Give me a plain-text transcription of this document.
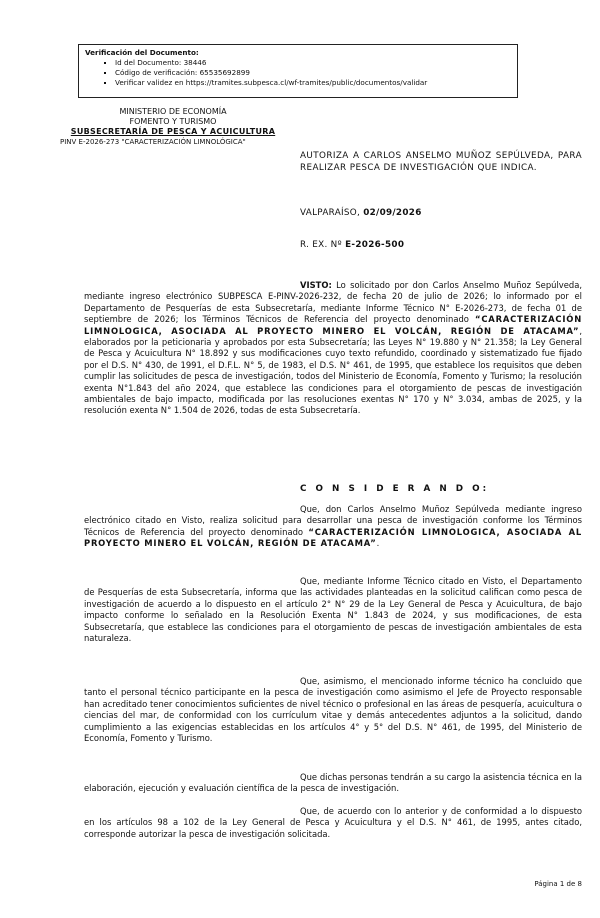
Verificación del Documento:
▪ Id del Documento: 38446
▪ Código de verificación: 65535692899
▪ Verificar validez en https://tramites.subpesca.cl/wf-tramites/public/documentos/validar
MINISTERIO DE ECONOMÍA
FOMENTO Y TURISMO
SUBSECRETARÍA DE PESCA Y ACUICULTURA
PINV E-2026-273 "CARACTERIZACIÓN LIMNOLÓGICA"
AUTORIZA A CARLOS ANSELMO MUÑOZ SEPÚLVEDA, PARA REALIZAR PESCA DE INVESTIGACIÓN QUE INDICA.
VALPARAÍSO, 02/09/2026
R. EX. Nº E-2026-500

VISTO: Lo solicitado por don Carlos Anselmo Muñoz Sepúlveda, mediante ingreso electrónico SUBPESCA E-PINV-2026-232, de fecha 20 de julio de 2026; lo informado por el Departamento de Pesquerías de esta Subsecretaría, mediante Informe Técnico N° E-2026-273, de fecha 01 de septiembre de 2026; los Términos Técnicos de Referencia del proyecto denominado “CARACTERIZACIÓN LIMNOLOGICA, ASOCIADA AL PROYECTO MINERO EL VOLCÁN, REGIÓN DE ATACAMA”, elaborados por la peticionaria y aprobados por esta Subsecretaría; las Leyes N° 19.880 y N° 21.358; la Ley General de Pesca y Acuicultura N° 18.892 y sus modificaciones cuyo texto refundido, coordinado y sistematizado fue fijado por el D.S. N° 430, de 1991, el D.F.L. N° 5, de 1983, el D.S. N° 461, de 1995, que establece los requisitos que deben cumplir las solicitudes de pesca de investigación, todos del Ministerio de Economía, Fomento y Turismo; la resolución exenta N°1.843 del año 2024, que establece las condiciones para el otorgamiento de pescas de investigación ambientales de bajo impacto, modificada por las resoluciones exentas N° 170 y N° 3.034, ambas de 2025, y la resolución exenta N° 1.504 de 2026, todas de esta Subsecretaría.

C O N S I D E R A N D O:

Que, don Carlos Anselmo Muñoz Sepúlveda mediante ingreso electrónico citado en Visto, realiza solicitud para desarrollar una pesca de investigación conforme los Términos Técnicos de Referencia del proyecto denominado “CARACTERIZACIÓN LIMNOLOGICA, ASOCIADA AL PROYECTO MINERO EL VOLCÁN, REGIÓN DE ATACAMA”.

Que, mediante Informe Técnico citado en Visto, el Departamento de Pesquerías de esta Subsecretaría, informa que las actividades planteadas en la solicitud califican como pesca de investigación de acuerdo a lo dispuesto en el artículo 2° N° 29 de la Ley General de Pesca y Acuicultura, de bajo impacto conforme lo señalado en la Resolución Exenta N° 1.843 de 2024, y sus modificaciones, de esta Subsecretaría, que establece las condiciones para el otorgamiento de pescas de investigación ambientales de esta naturaleza.

Que, asimismo, el mencionado informe técnico ha concluido que tanto el personal técnico participante en la pesca de investigación como asimismo el Jefe de Proyecto responsable han acreditado tener conocimientos suficientes de nivel técnico o profesional en las áreas de pesquería, acuicultura o ciencias del mar, de conformidad con los currículum vitae y demás antecedentes adjuntos a la solicitud, dando cumplimiento a las exigencias establecidas en los artículos 4° y 5° del D.S. N° 461, de 1995, del Ministerio de Economía, Fomento y Turismo.

Que dichas personas tendrán a su cargo la asistencia técnica en la elaboración, ejecución y evaluación científica de la pesca de investigación.

Que, de acuerdo con lo anterior y de conformidad a lo dispuesto en los artículos 98 a 102 de la Ley General de Pesca y Acuicultura y el D.S. N° 461, de 1995, antes citado, corresponde autorizar la pesca de investigación solicitada.

Página 1 de 8
